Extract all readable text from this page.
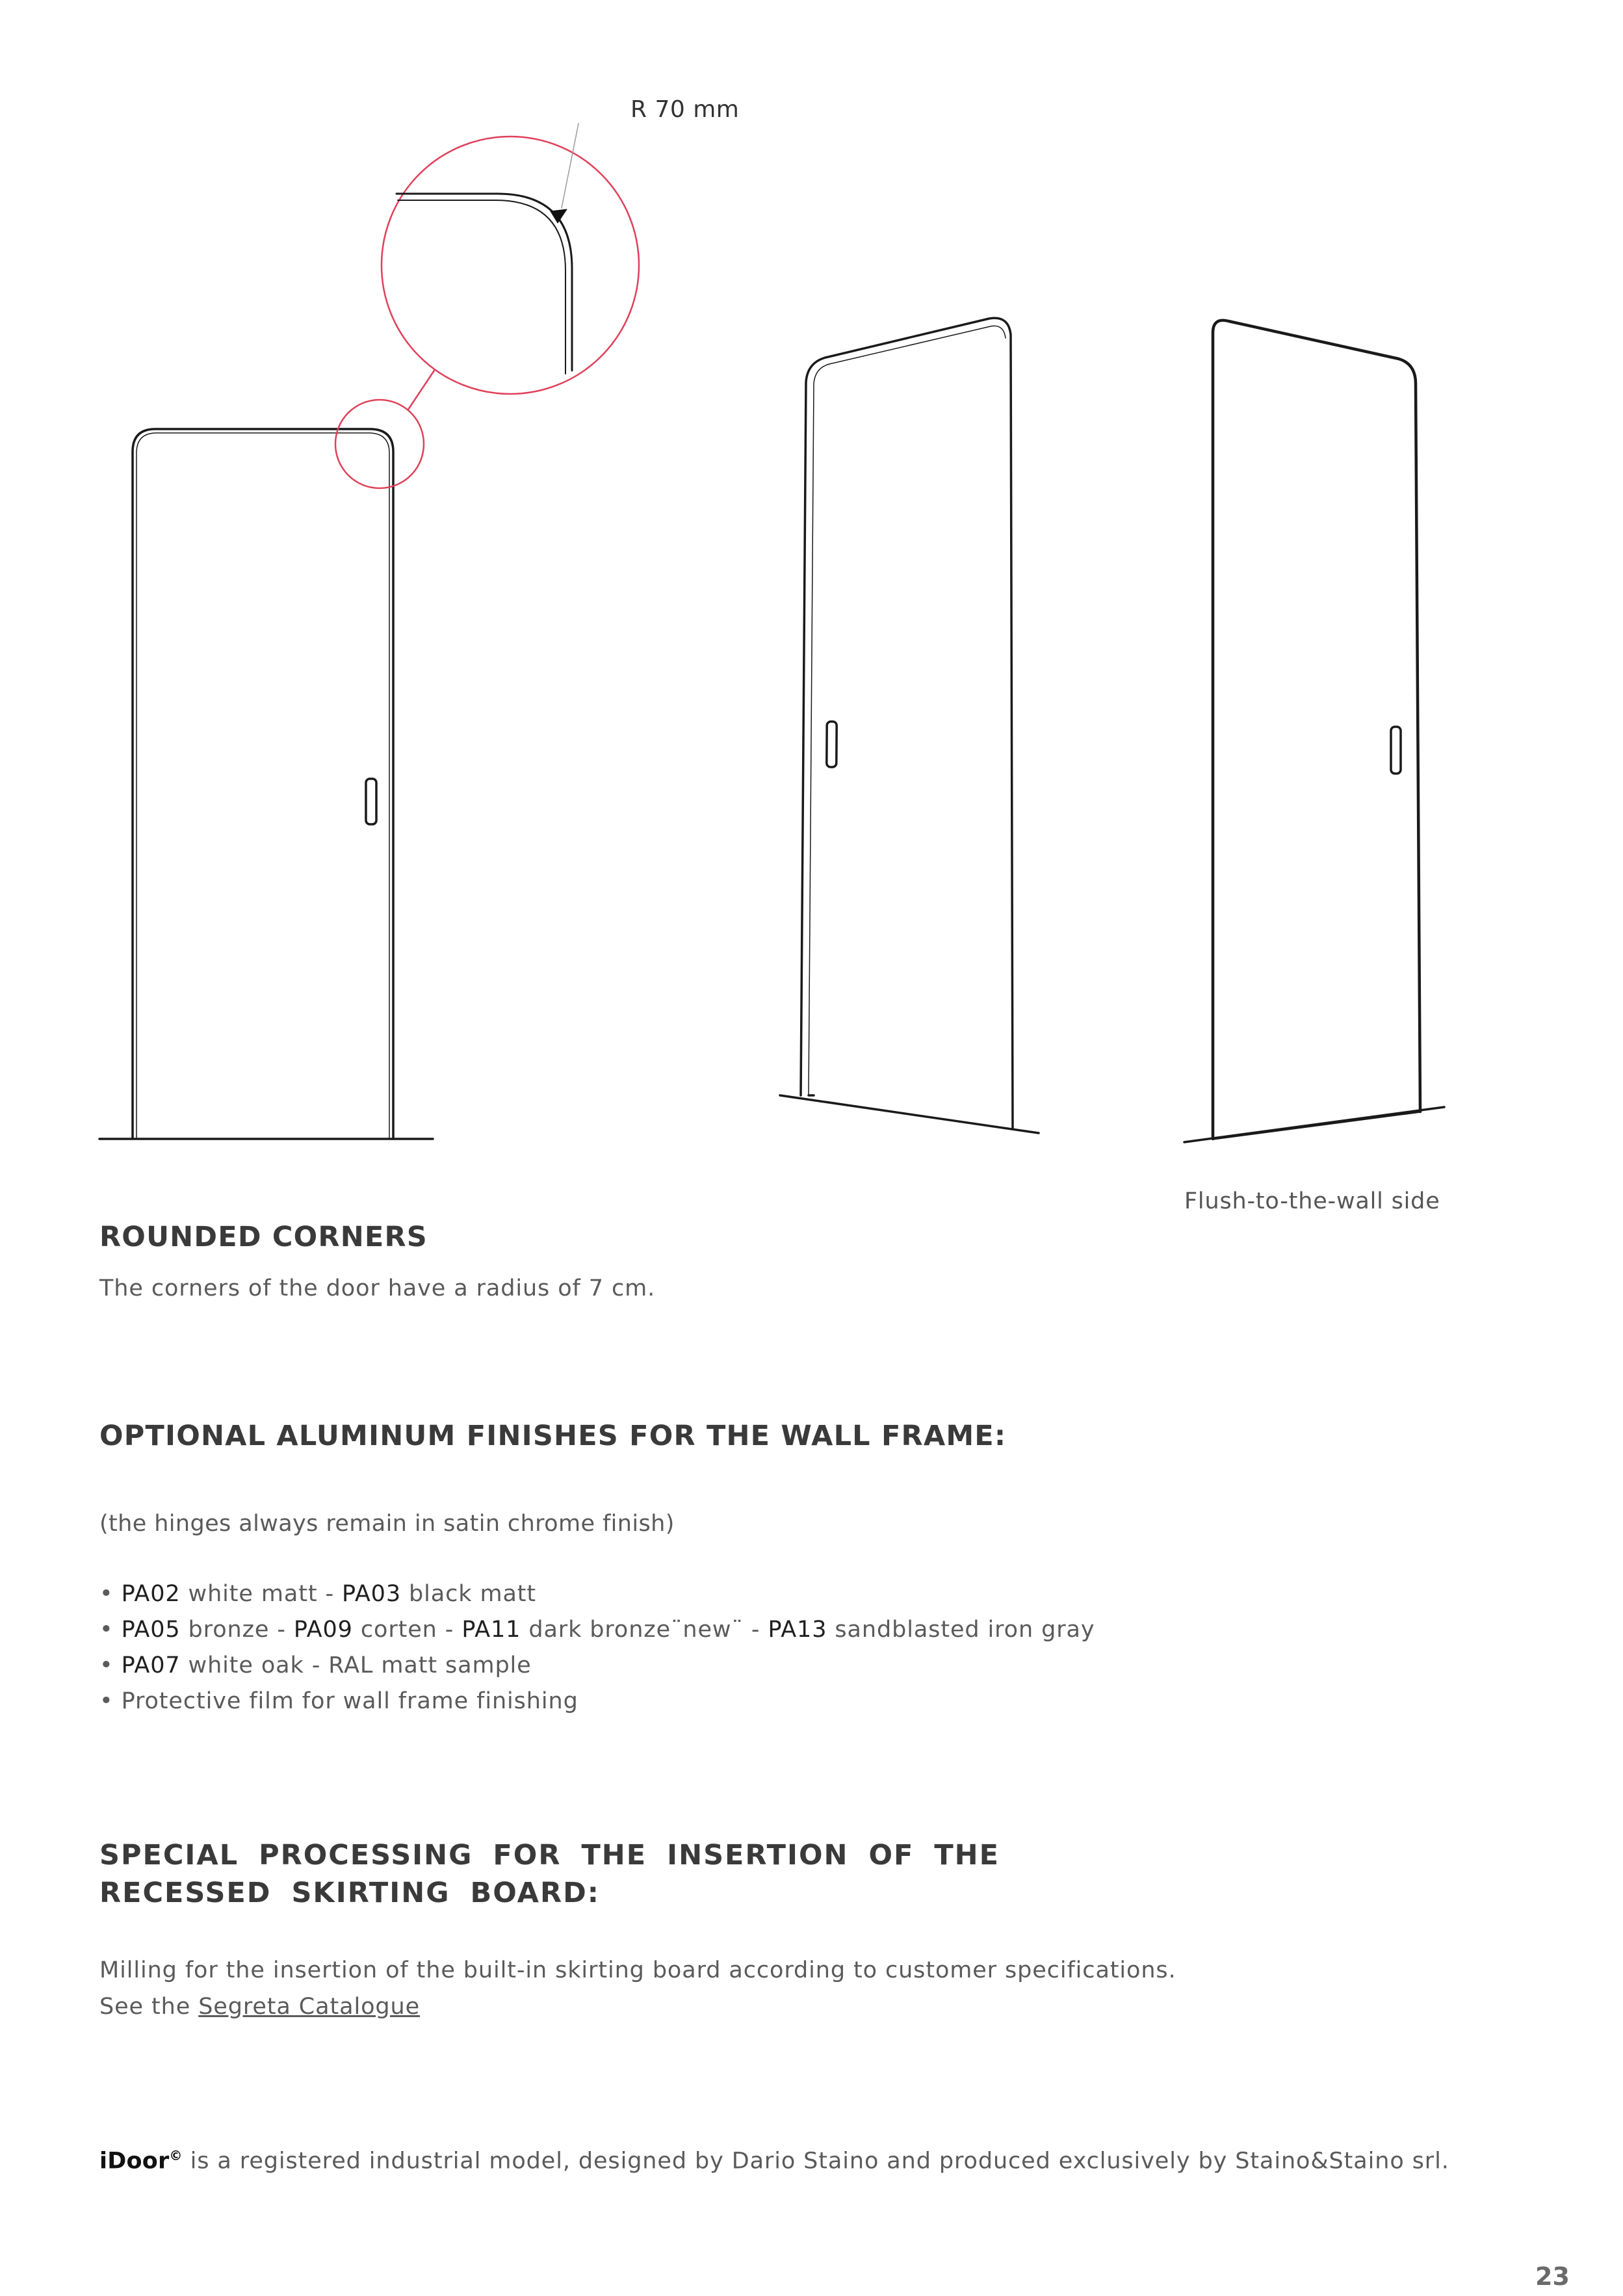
R 70 mm
Flush-to-the-wall side
ROUNDED CORNERS
The corners of the door have a radius of 7 cm.
OPTIONAL ALUMINUM FINISHES FOR THE WALL FRAME:
(the hinges always remain in satin chrome finish)
• PA02 white matt - PA03 black matt
• PA05 bronze - PA09 corten - PA11 dark bronze¨new¨ - PA13 sandblasted iron gray
• PA07 white oak - RAL matt sample
• Protective film for wall frame finishing
SPECIAL PROCESSING FOR THE INSERTION OF THE RECESSED SKIRTING BOARD:
Milling for the insertion of the built-in skirting board according to customer specifications.
See the Segreta Catalogue
iDoor© is a registered industrial model, designed by Dario Staino and produced exclusively by Staino&Staino srl.
23
